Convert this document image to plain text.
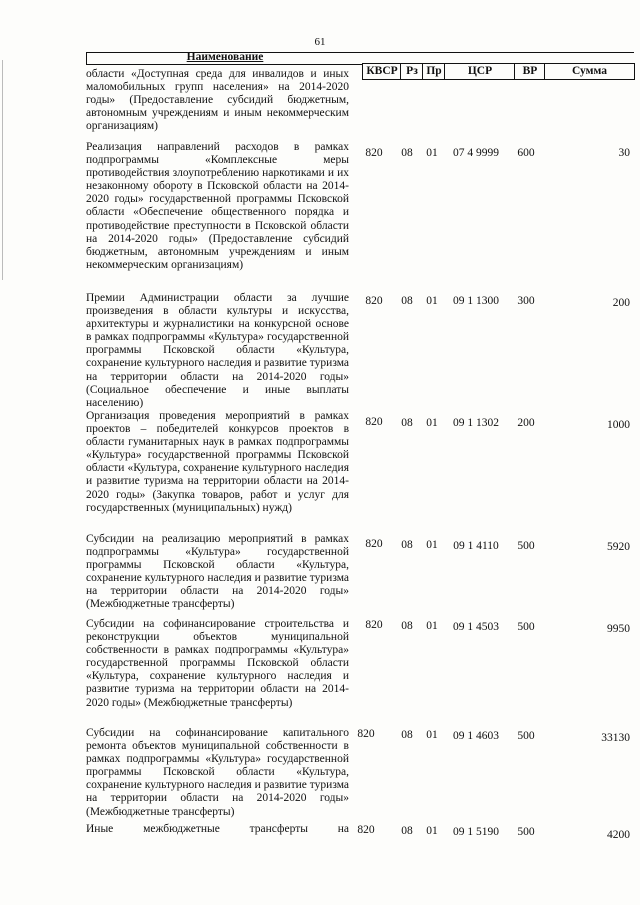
61
Наименование
КВСР Рз Пр	ЦСР	ВР	Сумма
области «Доступная среда для инвалидов и иных маломобильных групп населения» на 2014-2020 годы» (Предоставление субсидий бюджетным, автономным учреждениям и иным некоммерческим организациям)
Реализация направлений расходов в рамках подпрограммы «Комплексные меры противодействия злоупотреблению наркотиками и их незаконному обороту в Псковской области на 2014-2020 годы» государственной программы Псковской области «Обеспечение общественного порядка и противодействие преступности в Псковской области на 2014-2020 годы» (Предоставление субсидий бюджетным, автономным учреждениям и иным некоммерческим организациям)
820	08	01	07 4 9999	600	30
Премии Администрации области за лучшие произведения в области культуры и искусства, архитектуры и журналистики на конкурсной основе в рамках подпрограммы «Культура» государственной программы Псковской области «Культура, сохранение культурного наследия и развитие туризма на территории области на 2014-2020 годы» (Социальное обеспечение и иные выплаты населению)
820	08	01	09 1 1300	300	200
Организация проведения мероприятий в рамках проектов – победителей конкурсов проектов в области гуманитарных наук в рамках подпрограммы «Культура» государственной программы Псковской области «Культура, сохранение культурного наследия и развитие туризма на территории области на 2014-2020 годы» (Закупка товаров, работ и услуг для государственных (муниципальных) нужд)
820	08	01	09 1 1302	200	1000
Субсидии на реализацию мероприятий в рамках подпрограммы «Культура» государственной программы Псковской области «Культура, сохранение культурного наследия и развитие туризма на территории области на 2014-2020 годы» (Межбюджетные трансферты)
820	08	01	09 1 4110	500	5920
Субсидии на софинансирование строительства и реконструкции объектов муниципальной собственности в рамках подпрограммы «Культура» государственной программы Псковской области «Культура, сохранение культурного наследия и развитие туризма на территории области на 2014-2020 годы» (Межбюджетные трансферты)
820	08	01	09 1 4503	500	9950
Субсидии на софинансирование капитального ремонта объектов муниципальной собственности в рамках подпрограммы «Культура» государственной программы Псковской области «Культура, сохранение культурного наследия и развитие туризма на территории области на 2014-2020 годы» (Межбюджетные трансферты)
820	08	01	09 1 4603	500	33130
Иные межбюджетные трансферты на 820	08	01	09 1 5190	500	4200
